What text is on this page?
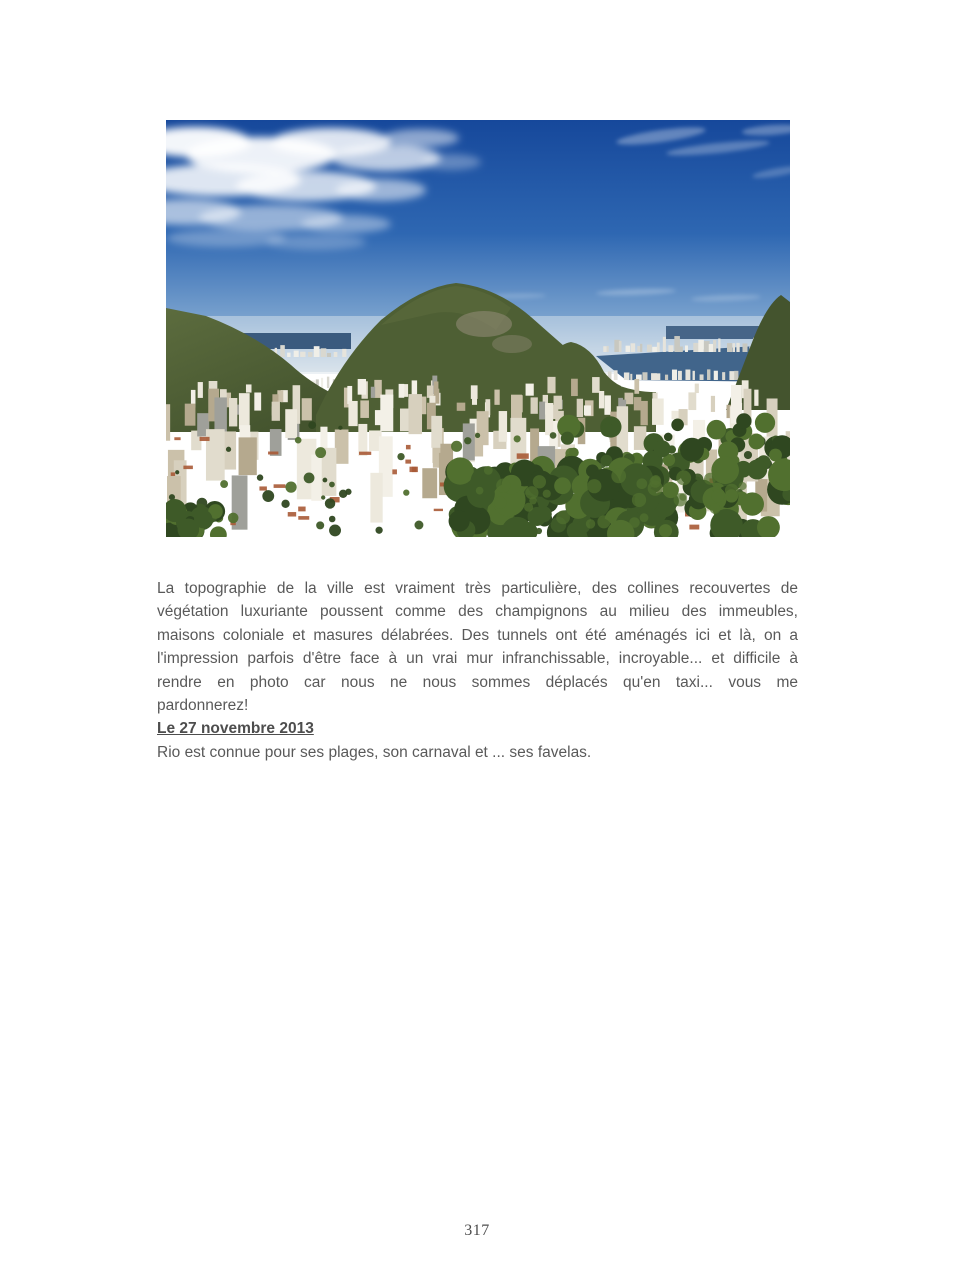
La topographie de la ville est vraiment très particulière, des collines recouvertes de
végétation luxuriante poussent comme des champignons au milieu des immeubles,
maisons coloniale et masures délabrées. Des tunnels ont été aménagés ici et là, on a
l'impression parfois d'être face à un vrai mur infranchissable, incroyable... et difficile à
rendre en photo car nous ne nous sommes déplacés qu'en taxi... vous me
pardonnerez!
Le 27 novembre 2013
Rio est connue pour ses plages, son carnaval et ... ses favelas.
317
